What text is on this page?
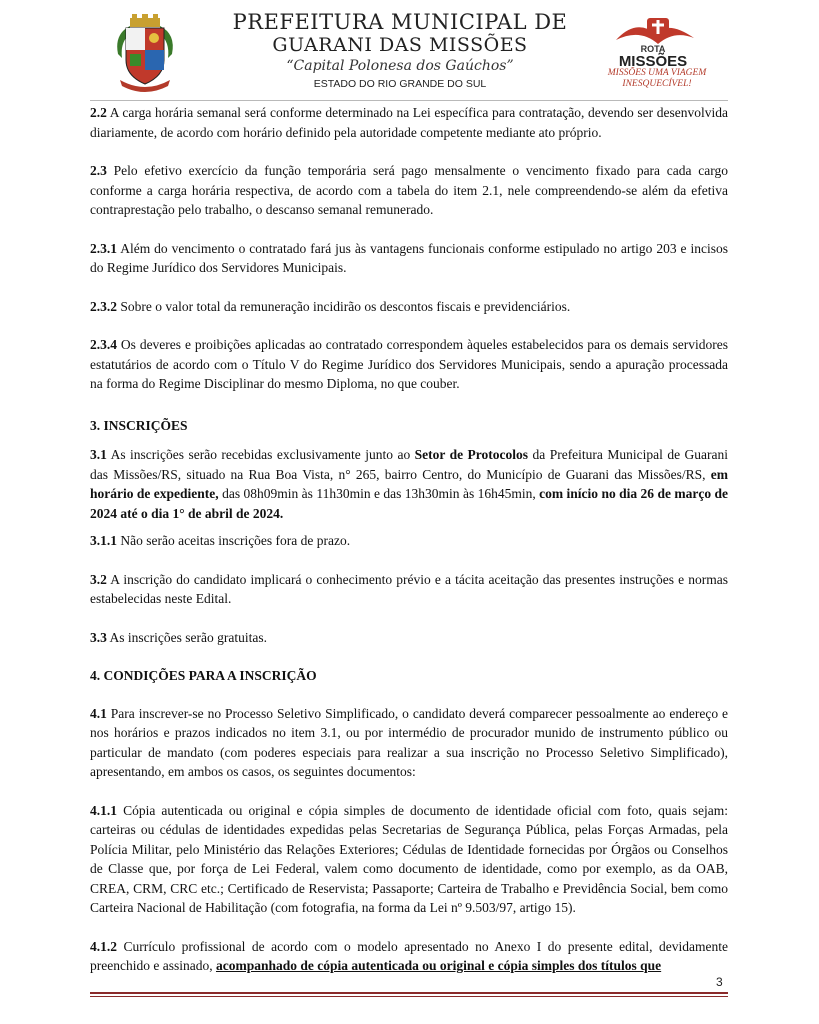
PREFEITURA MUNICIPAL DE
GUARANI DAS MISSÕES
“Capital Polonesa dos Gaúchos”
ESTADO DO RIO GRANDE DO SUL
ROTA
MISSÕES
MISSÕES UMA VIAGEM
INESQUECÍVEL!

2.2 A carga horária semanal será conforme determinado na Lei específica para contratação, devendo ser desenvolvida diariamente, de acordo com horário definido pela autoridade competente mediante ato próprio.

2.3 Pelo efetivo exercício da função temporária será pago mensalmente o vencimento fixado para cada cargo conforme a carga horária respectiva, de acordo com a tabela do item 2.1, nele compreendendo-se além da efetiva contraprestação pelo trabalho, o descanso semanal remunerado.

2.3.1 Além do vencimento o contratado fará jus às vantagens funcionais conforme estipulado no artigo 203 e incisos do Regime Jurídico dos Servidores Municipais.

2.3.2 Sobre o valor total da remuneração incidirão os descontos fiscais e previdenciários.

2.3.4 Os deveres e proibições aplicadas ao contratado correspondem àqueles estabelecidos para os demais servidores estatutários de acordo com o Título V do Regime Jurídico dos Servidores Municipais, sendo a apuração processada na forma do Regime Disciplinar do mesmo Diploma, no que couber.

3. INSCRIÇÕES

3.1 As inscrições serão recebidas exclusivamente junto ao Setor de Protocolos da Prefeitura Municipal de Guarani das Missões/RS, situado na Rua Boa Vista, n° 265, bairro Centro, do Município de Guarani das Missões/RS, em horário de expediente, das 08h09min às 11h30min e das 13h30min às 16h45min, com início no dia 26 de março de 2024 até o dia 1° de abril de 2024.

3.1.1 Não serão aceitas inscrições fora de prazo.

3.2 A inscrição do candidato implicará o conhecimento prévio e a tácita aceitação das presentes instruções e normas estabelecidas neste Edital.

3.3 As inscrições serão gratuitas.

4. CONDIÇÕES PARA A INSCRIÇÃO

4.1 Para inscrever-se no Processo Seletivo Simplificado, o candidato deverá comparecer pessoalmente ao endereço e nos horários e prazos indicados no item 3.1, ou por intermédio de procurador munido de instrumento público ou particular de mandato (com poderes especiais para realizar a sua inscrição no Processo Seletivo Simplificado), apresentando, em ambos os casos, os seguintes documentos:

4.1.1 Cópia autenticada ou original e cópia simples de documento de identidade oficial com foto, quais sejam: carteiras ou cédulas de identidades expedidas pelas Secretarias de Segurança Pública, pelas Forças Armadas, pela Polícia Militar, pelo Ministério das Relações Exteriores; Cédulas de Identidade fornecidas por Órgãos ou Conselhos de Classe que, por força de Lei Federal, valem como documento de identidade, como por exemplo, as da OAB, CREA, CRM, CRC etc.; Certificado de Reservista; Passaporte; Carteira de Trabalho e Previdência Social, bem como Carteira Nacional de Habilitação (com fotografia, na forma da Lei nº 9.503/97, artigo 15).

4.1.2 Currículo profissional de acordo com o modelo apresentado no Anexo I do presente edital, devidamente preenchido e assinado, acompanhado de cópia autenticada ou original e cópia simples dos títulos que

3
